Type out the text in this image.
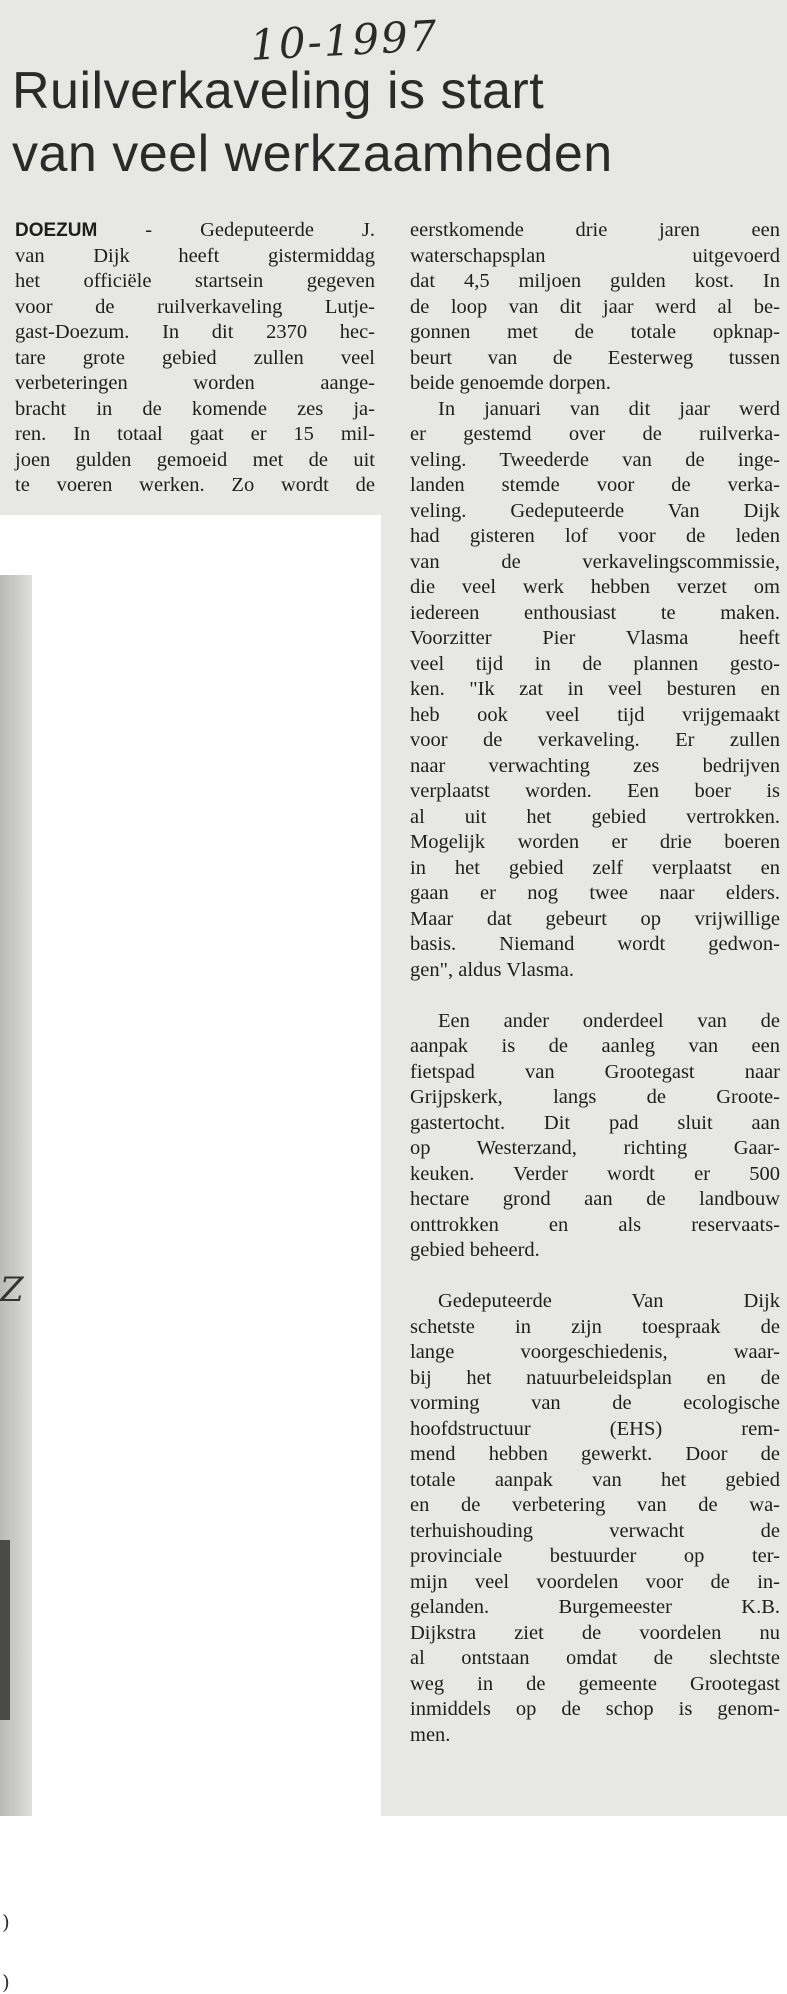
Z
)
)
10-1997
Ruilverkaveling is start
van veel werkzaamheden
DOEZUM - Gedeputeerde J.
van Dijk heeft gistermiddag
het officiële startsein gegeven
voor de ruilverkaveling Lutje-
gast-Doezum. In dit 2370 hec-
tare grote gebied zullen veel
verbeteringen worden aange-
bracht in de komende zes ja-
ren. In totaal gaat er 15 mil-
joen gulden gemoeid met de uit
te voeren werken. Zo wordt de
eerstkomende drie jaren een
waterschapsplan uitgevoerd
dat 4,5 miljoen gulden kost. In
de loop van dit jaar werd al be-
gonnen met de totale opknap-
beurt van de Eesterweg tussen
beide genoemde dorpen.
In januari van dit jaar werd
er gestemd over de ruilverka-
veling. Tweederde van de inge-
landen stemde voor de verka-
veling. Gedeputeerde Van Dijk
had gisteren lof voor de leden
van de verkavelingscommissie,
die veel werk hebben verzet om
iedereen enthousiast te maken.
Voorzitter Pier Vlasma heeft
veel tijd in de plannen gesto-
ken. "Ik zat in veel besturen en
heb ook veel tijd vrijgemaakt
voor de verkaveling. Er zullen
naar verwachting zes bedrijven
verplaatst worden. Een boer is
al uit het gebied vertrokken.
Mogelijk worden er drie boeren
in het gebied zelf verplaatst en
gaan er nog twee naar elders.
Maar dat gebeurt op vrijwillige
basis. Niemand wordt gedwon-
gen", aldus Vlasma.
Een ander onderdeel van de
aanpak is de aanleg van een
fietspad van Grootegast naar
Grijpskerk, langs de Groote-
gastertocht. Dit pad sluit aan
op Westerzand, richting Gaar-
keuken. Verder wordt er 500
hectare grond aan de landbouw
onttrokken en als reservaats-
gebied beheerd.
Gedeputeerde Van Dijk
schetste in zijn toespraak de
lange voorgeschiedenis, waar-
bij het natuurbeleidsplan en de
vorming van de ecologische
hoofdstructuur (EHS) rem-
mend hebben gewerkt. Door de
totale aanpak van het gebied
en de verbetering van de wa-
terhuishouding verwacht de
provinciale bestuurder op ter-
mijn veel voordelen voor de in-
gelanden. Burgemeester K.B.
Dijkstra ziet de voordelen nu
al ontstaan omdat de slechtste
weg in de gemeente Grootegast
inmiddels op de schop is genom-
men.
